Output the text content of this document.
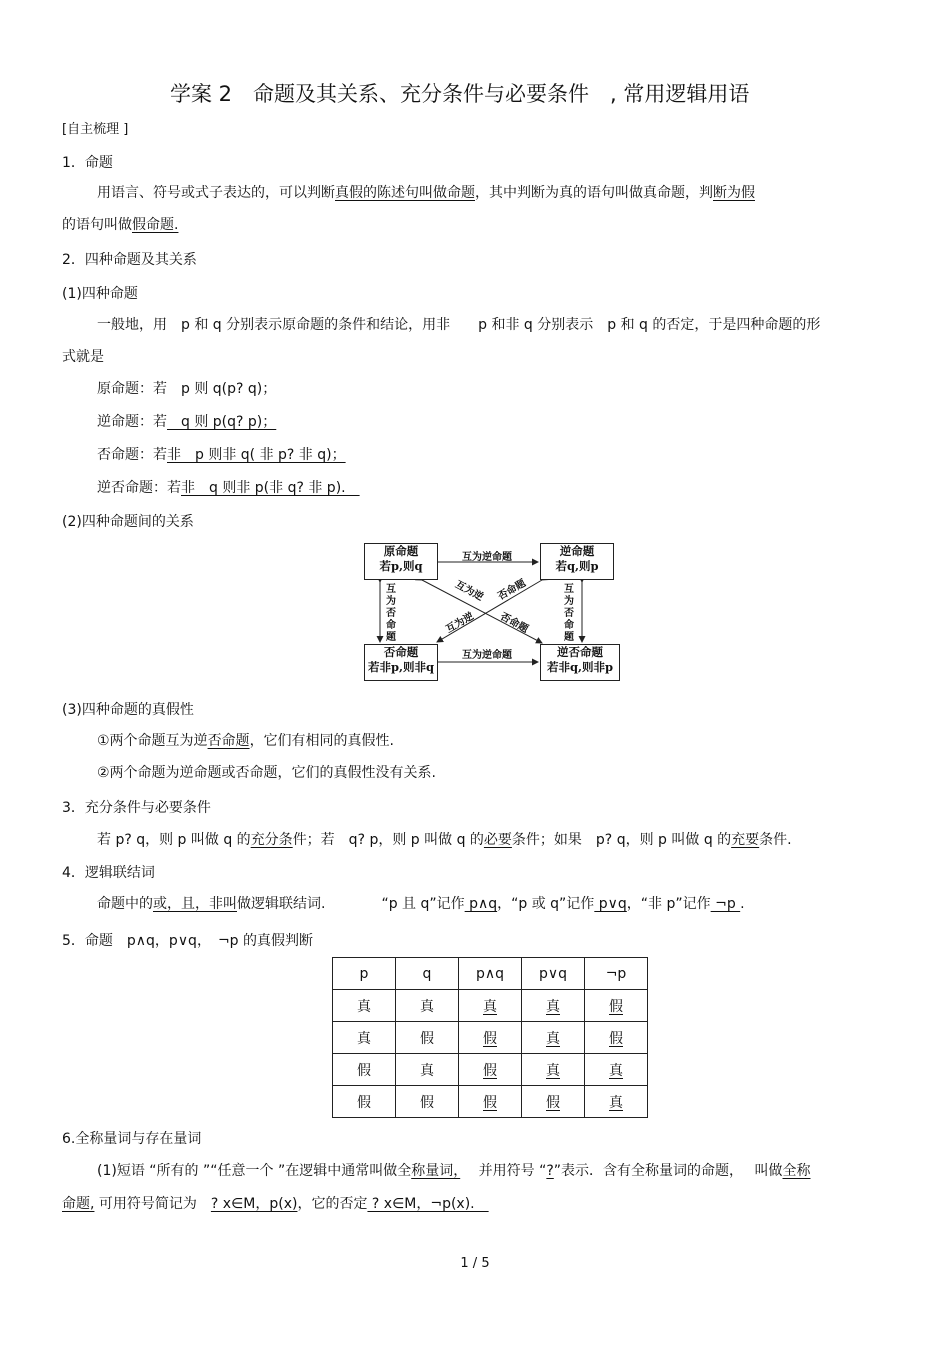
学案 2　命题及其关系、充分条件与必要条件　, 常用逻辑用语
[自主梳理 ]
1．命题
用语言、符号或式子表达的，可以判断真假的陈述句叫做命题，其中判断为真的语句叫做真命题，判断为假
的语句叫做假命题.
2．四种命题及其关系
(1)四种命题
一般地，用　p 和 q 分别表示原命题的条件和结论，用非　　p 和非 q 分别表示　p 和 q 的否定，于是四种命题的形
式就是
原命题：若　p 则 q(p? q)；
逆命题：若　q 则 p(q? p)；
否命题：若非　p 则非 q( 非 p? 非 q)；
逆否命题：若非　q 则非 p(非 q? 非 p).　
(2)四种命题间的关系
原命题
若p,则q
逆命题
若q,则p
否命题
若非p,则非q
逆否命题
若非q,则非p
互为逆命题
互为逆命题
互为否命题
互为否命题
互为逆 否命题
互为逆 否命题
(3)四种命题的真假性
①两个命题互为逆否命题，它们有相同的真假性.
②两个命题为逆命题或否命题，它们的真假性没有关系.
3．充分条件与必要条件
若 p? q，则 p 叫做 q 的充分条件；若　q? p，则 p 叫做 q 的必要条件；如果　p? q，则 p 叫做 q 的充要条件.
4．逻辑联结词
命题中的或，且，非叫做逻辑联结词.　　　　“p 且 q”记作 p∧q，“p 或 q”记作 p∨q，“非 p”记作 ¬p .
5．命题　p∧q，p∨q，　¬p 的真假判断
p	q	p∧q	p∨q	¬p
真	真	真	真	假
真	假	假	真	假
假	真	假	真	真
假	假	假	假	真
6.全称量词与存在量词
(1)短语 “所有的 ”“任意一个 ”在逻辑中通常叫做全称量词，　 并用符号 “?”表示．含有全称量词的命题，　 叫做全称
命题, 可用符号简记为　? x∈M，p(x)，它的否定 ? x∈M，¬p(x).　
1 / 5
